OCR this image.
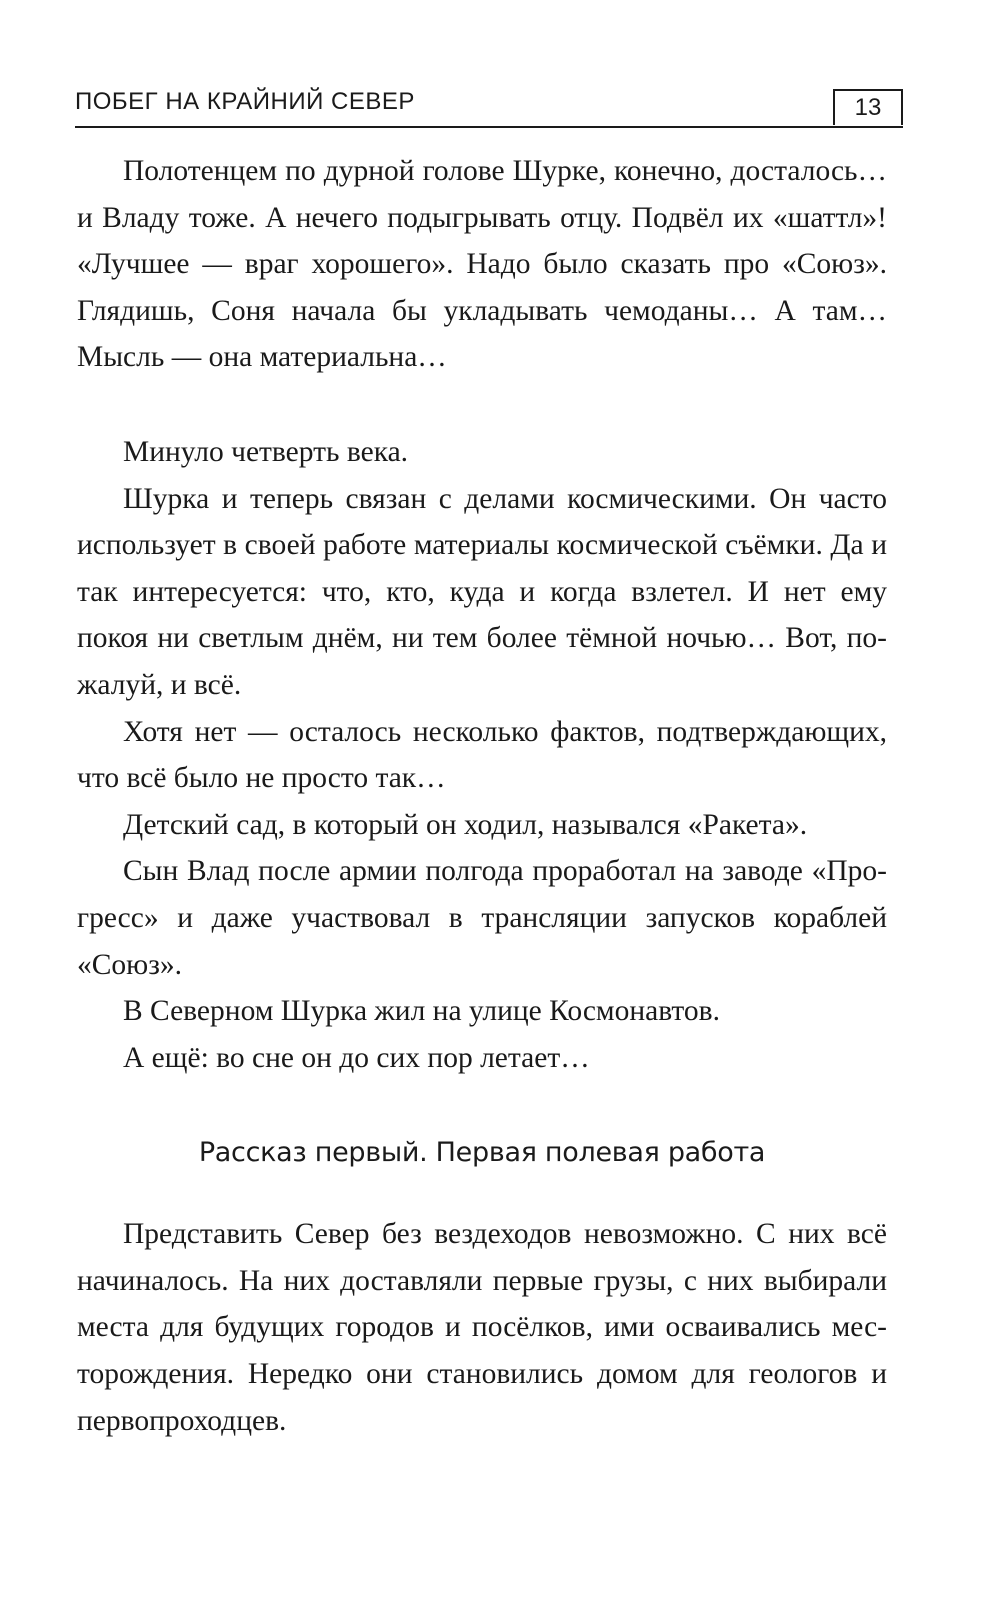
ПОБЕГ НА КРАЙНИЙ СЕВЕР	13

Полотенцем по дурной голове Шурке, конечно, досталось… и Владу тоже. А нечего подыгрывать отцу. Подвёл их «шаттл»! «Лучшее — враг хорошего». Надо было сказать про «Союз». Глядишь, Соня начала бы укладывать чемоданы… А там… Мысль — она материальна…

Минуло четверть века.

Шурка и теперь связан с делами космическими. Он часто использует в своей работе материалы космической съёмки. Да и так интересуется: что, кто, куда и когда взлетел. И нет ему покоя ни светлым днём, ни тем более тёмной ночью… Вот, пожалуй, и всё.

Хотя нет — осталось несколько фактов, подтверждающих, что всё было не просто так…

Детский сад, в который он ходил, назывался «Ракета».

Сын Влад после армии полгода проработал на заводе «Прогресс» и даже участвовал в трансляции запусков кораблей «Союз».

В Северном Шурка жил на улице Космонавтов.

А ещё: во сне он до сих пор летает…

Рассказ первый. Первая полевая работа

Представить Север без вездеходов невозможно. С них всё начиналось. На них доставляли первые грузы, с них выбирали места для будущих городов и посёлков, ими осваивались месторождения. Нередко они становились домом для геологов и первопроходцев.
